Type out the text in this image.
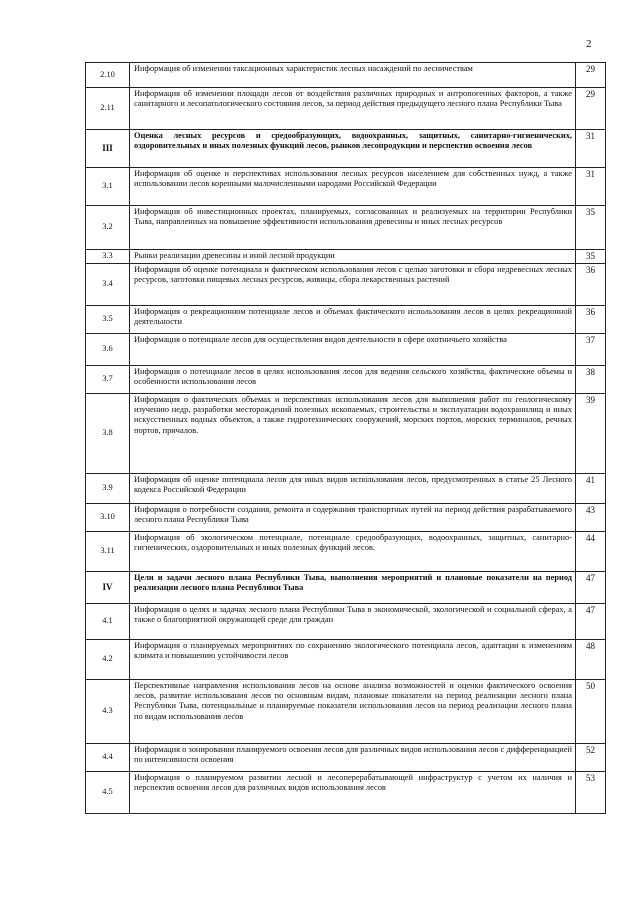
2
2.10	Информация об изменении таксационных характеристик лесных насаждений по лесничествам	29
2.11	Информация об изменении площади лесов от воздействия различных природных и антропогенных факторов, а также санитарного и лесопатологического состояния лесов, за период действия предыдущего лесного плана Республики Тыва	29
III	Оценка лесных ресурсов и средообразующих, водоохранных, защитных, санитарно-гигиенических, оздоровительных и иных полезных функций лесов, рынков лесопродукции и перспектив освоения лесов	31
3.1	Информация об оценке и перспективах использования лесных ресурсов населением для собственных нужд, а также использовании лесов коренными малочисленными народами Российской Федерации	31
3.2	Информация об инвестиционных проектах, планируемых, согласованных и реализуемых на территории Республики Тыва, направленных на повышение эффективности использования древесины и иных лесных ресурсов	35
3.3	Рынки реализации древесины и иной лесной продукции	35
3.4	Информация об оценке потенциала и фактическом использовании лесов с целью заготовки и сбора недревесных лесных ресурсов, заготовки пищевых лесных ресурсов, живицы, сбора лекарственных растений	36
3.5	Информация о рекреационном потенциале лесов и объемах фактического использования лесов в целях рекреационной деятельности	36
3.6	Информация о потенциале лесов для осуществления видов деятельности в сфере охотничьего хозяйства	37
3.7	Информация о потенциале лесов в целях использования лесов для ведения сельского хозяйства, фактические объемы и особенности использования лесов	38
3.8	Информация о фактических объемах и перспективах использования лесов для выполнения работ по геологическому изучению недр, разработки месторождений полезных ископаемых, строительства и эксплуатации водохранилищ и иных искусственных водных объектов, а также гидротехнических сооружений, морских портов, морских терминалов, речных портов, причалов.	39
3.9	Информация об оценке потенциала лесов для иных видов использования лесов, предусмотренных в статье 25 Лесного кодекса Российской Федерации	41
3.10	Информация о потребности создания, ремонта и содержания транспортных путей на период действия разрабатываемого лесного плана Республики Тыва	43
3.11	Информация об экологическом потенциале, потенциале средообразующих, водоохранных, защитных, санитарно-гигиенических, оздоровительных и иных полезных функций лесов.	44
IV	Цели и задачи лесного плана Республики Тыва, выполнения мероприятий и плановые показатели на период реализации лесного плана Республики Тыва	47
4.1	Информация о целях и задачах лесного плана Республики Тыва в экономической, экологической и социальной сферах, а также о благоприятной окружающей среде для граждан	47
4.2	Информация о планируемых мероприятиях по сохранению экологического потенциала лесов, адаптации к изменениям климата и повышению устойчивости лесов	48
4.3	Перспективные направления использования лесов на основе анализа возможностей и оценки фактического освоения лесов, развитие использования лесов по основным видам, плановые показатели на период реализации лесного плана Республики Тыва, потенциальные и планируемые показатели использования лесов на период реализации лесного плана по видам использования лесов	50
4.4	Информация о зонировании планируемого освоения лесов для различных видов использования лесов с дифференциацией по интенсивности освоения	52
4.5	Информация о планируемом развитии лесной и лесоперерабатывающей инфраструктур с учетом их наличия и перспектив освоения лесов для различных видов использования лесов	53
